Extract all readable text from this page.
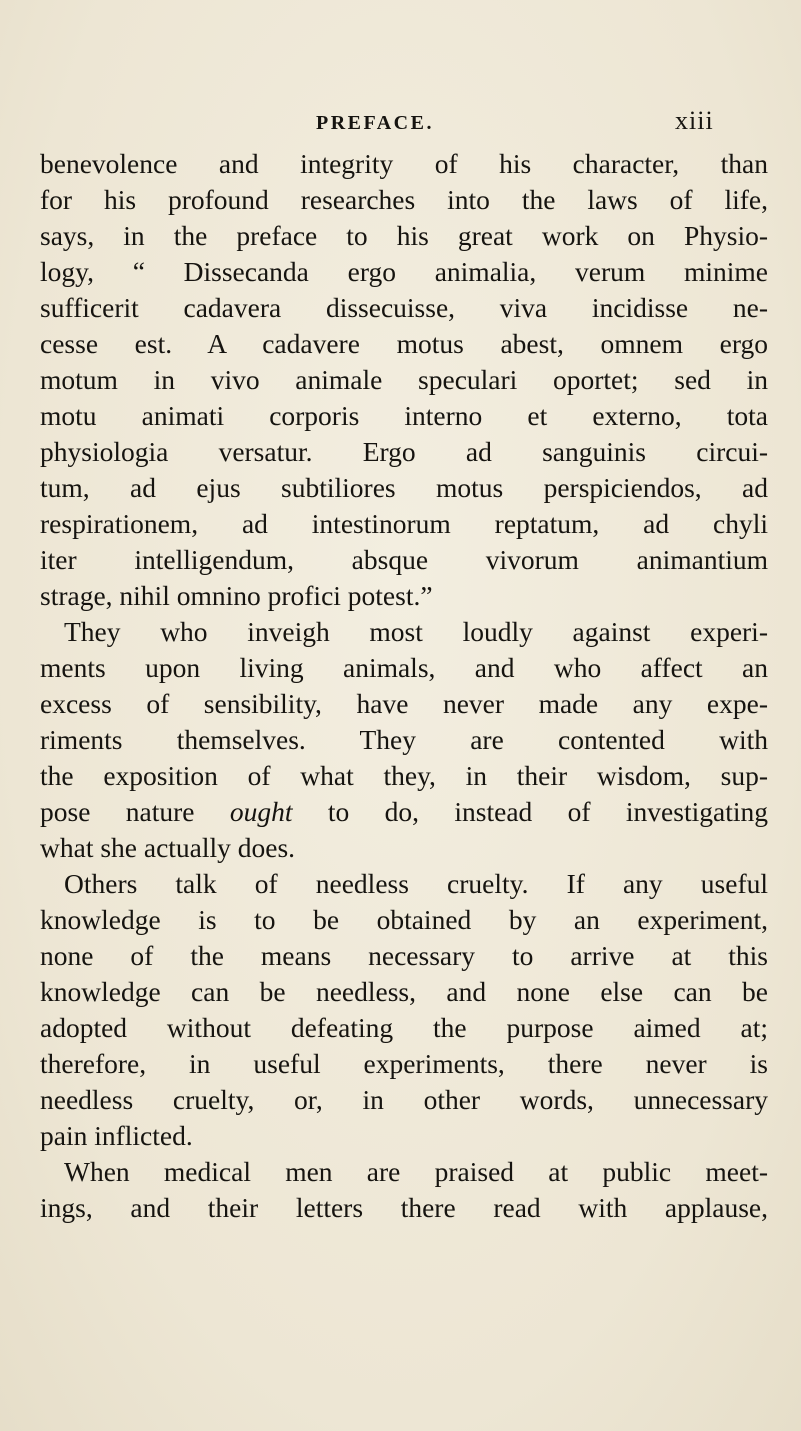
PREFACE.	xiii
benevolence and integrity of his character, than
for his profound researches into the laws of life,
says, in the preface to his great work on Physio-
logy, “ Dissecanda ergo animalia, verum minime
sufficerit cadavera dissecuisse, viva incidisse ne-
cesse est. A cadavere motus abest, omnem ergo
motum in vivo animale speculari oportet; sed in
motu animati corporis interno et externo, tota
physiologia versatur. Ergo ad sanguinis circui-
tum, ad ejus subtiliores motus perspiciendos, ad
respirationem, ad intestinorum reptatum, ad chyli
iter intelligendum, absque vivorum animantium
strage, nihil omnino profici potest.”
They who inveigh most loudly against experi-
ments upon living animals, and who affect an
excess of sensibility, have never made any expe-
riments themselves. They are contented with
the exposition of what they, in their wisdom, sup-
pose nature ought to do, instead of investigating
what she actually does.
Others talk of needless cruelty. If any useful
knowledge is to be obtained by an experiment,
none of the means necessary to arrive at this
knowledge can be needless, and none else can be
adopted without defeating the purpose aimed at;
therefore, in useful experiments, there never is
needless cruelty, or, in other words, unnecessary
pain inflicted.
When medical men are praised at public meet-
ings, and their letters there read with applause,
